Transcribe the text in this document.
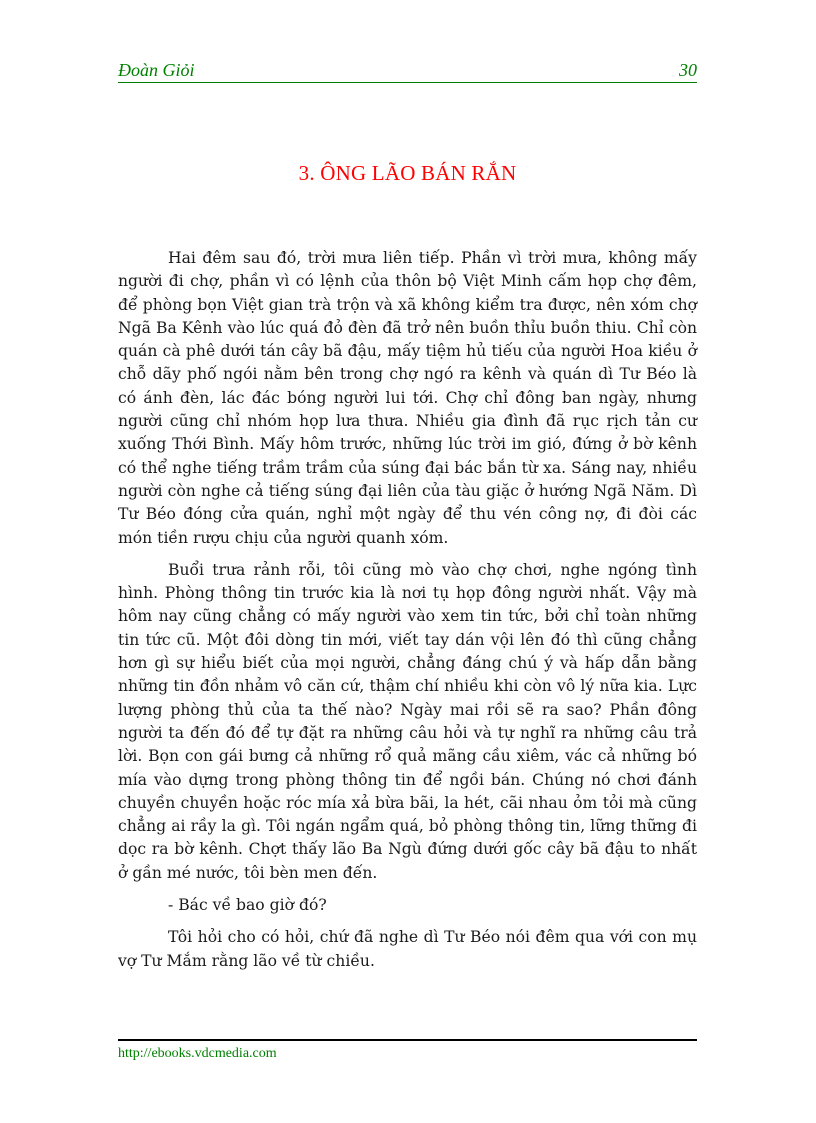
Đoàn Giỏi	30
3. ÔNG LÃO BÁN RẮN

Hai đêm sau đó, trời mưa liên tiếp. Phần vì trời mưa, không mấy người đi chợ, phần vì có lệnh của thôn bộ Việt Minh cấm họp chợ đêm, để phòng bọn Việt gian trà trộn và xã không kiểm tra được, nên xóm chợ Ngã Ba Kênh vào lúc quá đỏ đèn đã trở nên buồn thỉu buồn thiu. Chỉ còn quán cà phê dưới tán cây bã đậu, mấy tiệm hủ tiếu của người Hoa kiều ở chỗ dãy phố ngói nằm bên trong chợ ngó ra kênh và quán dì Tư Béo là có ánh đèn, lác đác bóng người lui tới. Chợ chỉ đông ban ngày, nhưng người cũng chỉ nhóm họp lưa thưa. Nhiều gia đình đã rục rịch tản cư xuống Thới Bình. Mấy hôm trước, những lúc trời im gió, đứng ở bờ kênh có thể nghe tiếng trầm trầm của súng đại bác bắn từ xa. Sáng nay, nhiều người còn nghe cả tiếng súng đại liên của tàu giặc ở hướng Ngã Năm. Dì Tư Béo đóng cửa quán, nghỉ một ngày để thu vén công nợ, đi đòi các món tiền rượu chịu của người quanh xóm.

Buổi trưa rảnh rỗi, tôi cũng mò vào chợ chơi, nghe ngóng tình hình. Phòng thông tin trước kia là nơi tụ họp đông người nhất. Vậy mà hôm nay cũng chẳng có mấy người vào xem tin tức, bởi chỉ toàn những tin tức cũ. Một đôi dòng tin mới, viết tay dán vội lên đó thì cũng chẳng hơn gì sự hiểu biết của mọi người, chẳng đáng chú ý và hấp dẫn bằng những tin đồn nhảm vô căn cứ, thậm chí nhiều khi còn vô lý nữa kia. Lực lượng phòng thủ của ta thế nào? Ngày mai rồi sẽ ra sao? Phần đông người ta đến đó để tự đặt ra những câu hỏi và tự nghĩ ra những câu trả lời. Bọn con gái bưng cả những rổ quả mãng cầu xiêm, vác cả những bó mía vào dựng trong phòng thông tin để ngồi bán. Chúng nó chơi đánh chuyền chuyền hoặc róc mía xả bừa bãi, la hét, cãi nhau ỏm tỏi mà cũng chẳng ai rầy la gì. Tôi ngán ngẩm quá, bỏ phòng thông tin, lững thững đi dọc ra bờ kênh. Chợt thấy lão Ba Ngù đứng dưới gốc cây bã đậu to nhất ở gần mé nước, tôi bèn men đến.

- Bác về bao giờ đó?

Tôi hỏi cho có hỏi, chứ đã nghe dì Tư Béo nói đêm qua với con mụ vợ Tư Mắm rằng lão về từ chiều.

http://ebooks.vdcmedia.com
